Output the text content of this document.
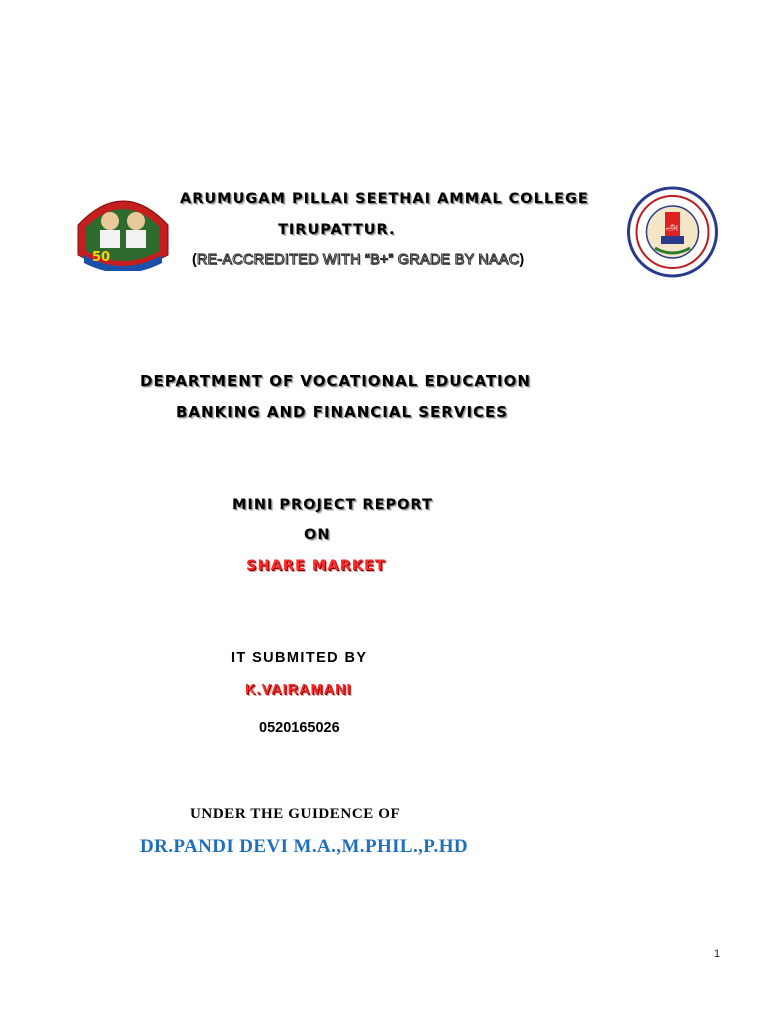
50
அ
ARUMUGAM PILLAI SEETHAI AMMAL COLLEGE
TIRUPATTUR.
(RE-ACCREDITED WITH “B+” GRADE BY NAAC)
DEPARTMENT OF VOCATIONAL EDUCATION
BANKING AND FINANCIAL SERVICES
MINI PROJECT REPORT
ON
SHARE MARKET
IT SUBMITED BY
K.VAIRAMANI
0520165026
UNDER THE GUIDENCE OF
DR.PANDI DEVI M.A.,M.PHIL.,P.HD
1
